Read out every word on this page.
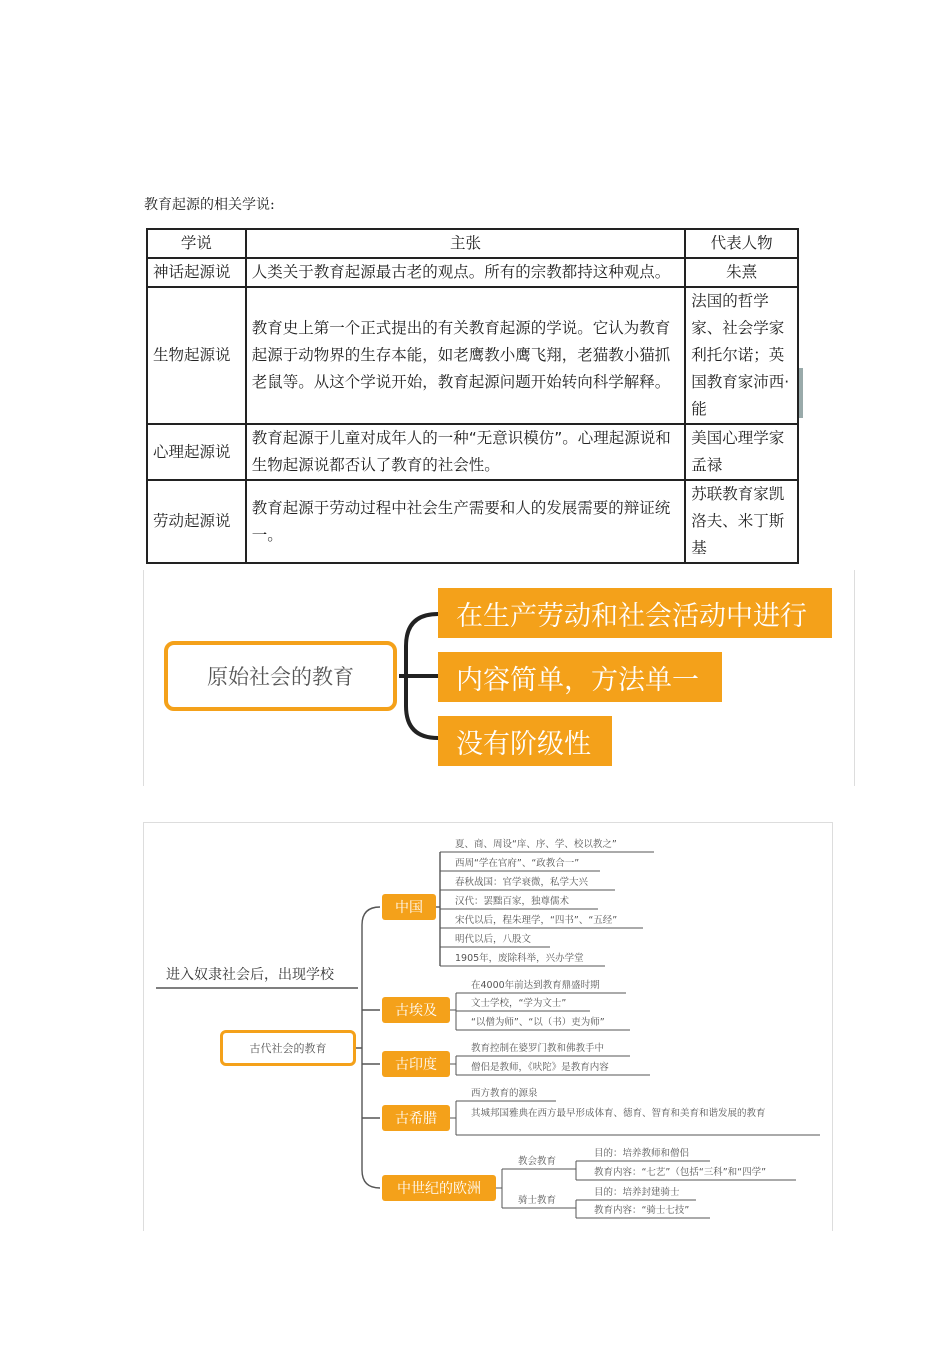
教育起源的相关学说:
学说	主张	代表人物
神话起源说	人类关于教育起源最古老的观点。所有的宗教都持这种观点。	朱熹
生物起源说	教育史上第一个正式提出的有关教育起源的学说。它认为教育起源于动物界的生存本能，如老鹰教小鹰飞翔，老猫教小猫抓老鼠等。从这个学说开始，教育起源问题开始转向科学解释。	法国的哲学家、社会学家利托尔诺；英国教育家沛西·能
心理起源说	教育起源于儿童对成年人的一种“无意识模仿”。心理起源说和生物起源说都否认了教育的社会性。	美国心理学家孟禄
劳动起源说	教育起源于劳动过程中社会生产需要和人的发展需要的辩证统一。	苏联教育家凯洛夫、米丁斯基
原始社会的教育
在生产劳动和社会活动中进行
内容简单，方法单一
没有阶级性
进入奴隶社会后，出现学校
古代社会的教育
中国
古埃及
古印度
古希腊
中世纪的欧洲
夏、商、周设“庠、序、学、校以教之”
西周“学在官府”、“政教合一”
春秋战国：官学衰微，私学大兴
汉代：罢黜百家，独尊儒术
宋代以后，程朱理学，“四书”、“五经”
明代以后，八股文
1905年，废除科举，兴办学堂
在4000年前达到教育鼎盛时期
文士学校，“学为文士”
“以僧为师”、“以（书）吏为师”
教育控制在婆罗门教和佛教手中
僧侣是教师，《吠陀》是教育内容
西方教育的源泉
其城邦国雅典在西方最早形成体育、德育、智育和美育和谐发展的教育
教会教育
骑士教育
目的：培养教师和僧侣
教育内容：“七艺”（包括“三科”和“四学”
目的：培养封建骑士
教育内容：“骑士七技”
